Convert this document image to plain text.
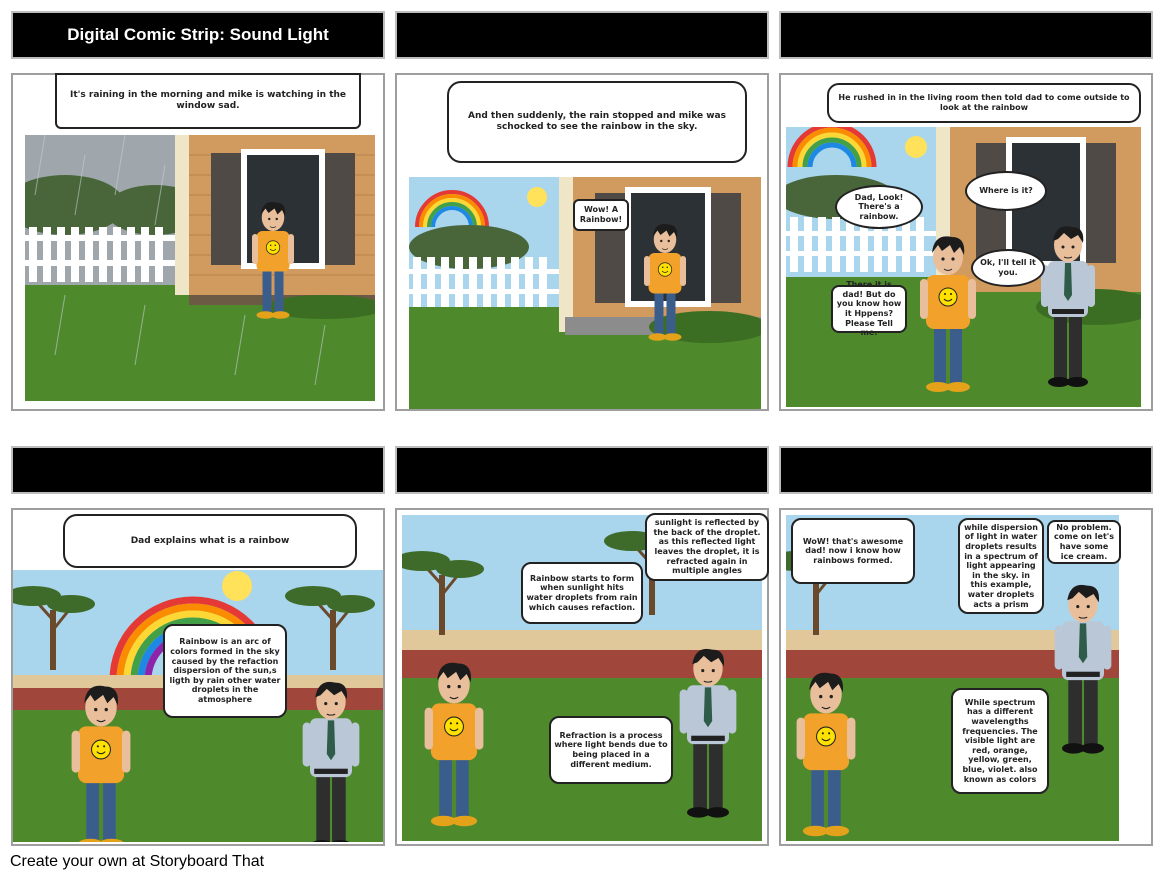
Digital Comic Strip: Sound Light
It's raining in the morning and mike is watching in the window sad.
And then suddenly, the rain stopped and mike was schocked to see the rainbow in the sky.
Wow! A Rainbow!
He rushed in in the living room then told dad to come outside to look at the rainbow
Dad, Look! There's a rainbow.
Where is it?
Ok, I'll tell it you.
There it is dad! But do you know how it Hppens? Please Tell me.
Dad explains what is a rainbow
Rainbow is an arc of colors formed in the sky caused by the refaction dispersion of the sun,s ligth by rain other water droplets in the atmosphere
sunlight is reflected by the back of the droplet. as this reflected light leaves the droplet, it is refracted again in multiple angles
Rainbow starts to form when sunlight hits water droplets from rain which causes refaction.
Refraction is a process where light bends due to being placed in a different medium.
WoW! that's awesome dad! now i know how rainbows formed.
while dispersion of light in water droplets results in a spectrum of light appearing in the sky. in this example, water droplets acts a prism
No problem. come on let's have some ice cream.
While spectrum has a different wavelengths frequencies. The visible light are red, orange, yellow, green, blue, violet. also known as colors
Create your own at Storyboard That
